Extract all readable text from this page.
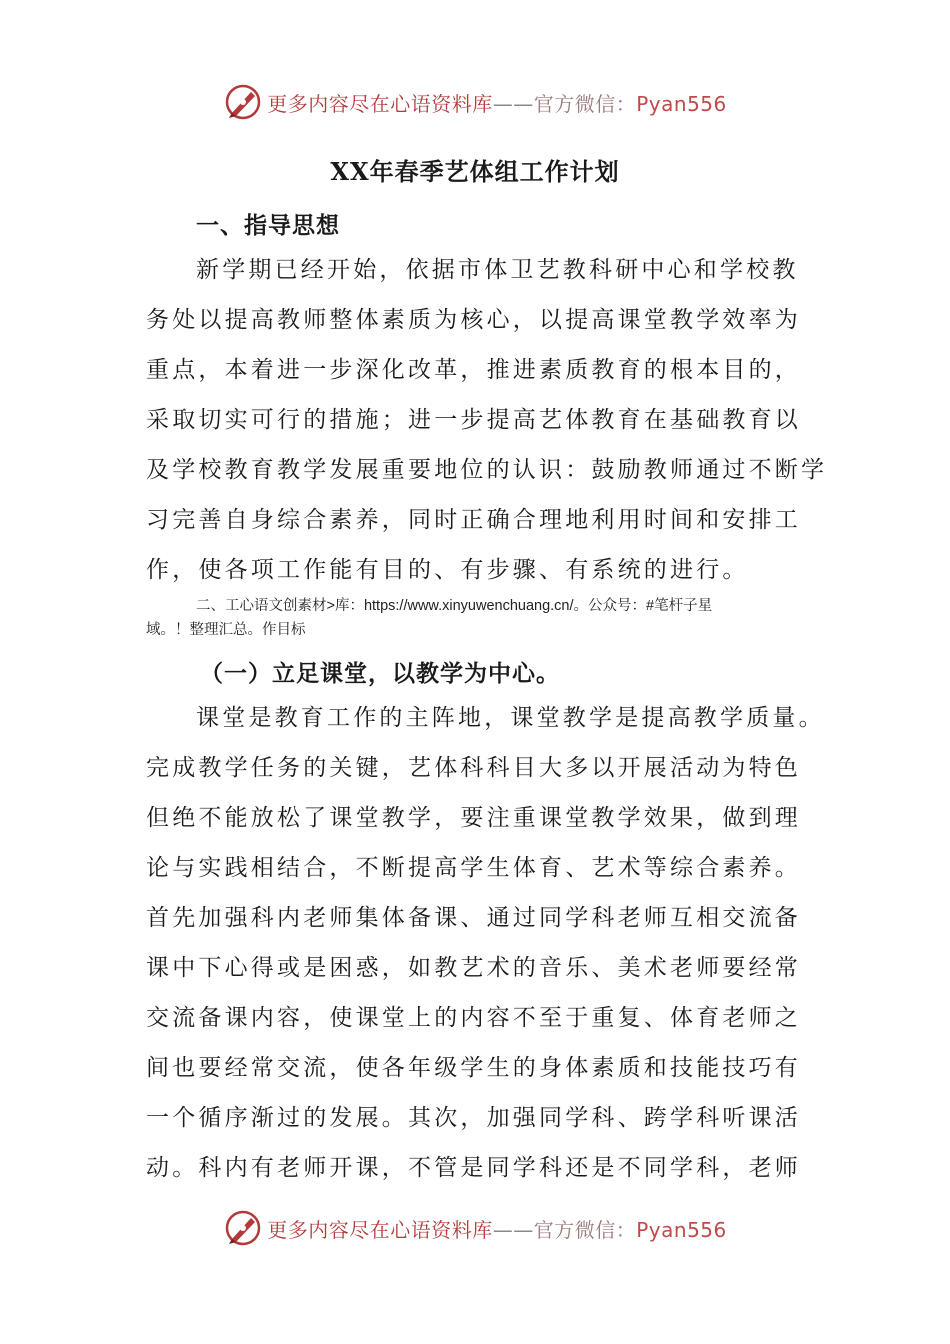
更多内容尽在心语资料库——官方微信：Pyan556
XX年春季艺体组工作计划
一、指导思想
新学期已经开始，依据市体卫艺教科研中心和学校教
务处以提高教师整体素质为核心，以提高课堂教学效率为
重点，本着进一步深化改革，推进素质教育的根本目的，
采取切实可行的措施；进一步提高艺体教育在基础教育以
及学校教育教学发展重要地位的认识：鼓励教师通过不断学
习完善自身综合素养，同时正确合理地利用时间和安排工
作，使各项工作能有目的、有步骤、有系统的进行。
二、工心语文创素材>库：https://www.xinyuwenchuang.cn/。公众号：#笔杆子星
域。！整理汇总。作目标
（一）立足课堂，以教学为中心。
课堂是教育工作的主阵地，课堂教学是提高教学质量。
完成教学任务的关键，艺体科科目大多以开展活动为特色
但绝不能放松了课堂教学，要注重课堂教学效果，做到理
论与实践相结合，不断提高学生体育、艺术等综合素养。
首先加强科内老师集体备课、通过同学科老师互相交流备
课中下心得或是困惑，如教艺术的音乐、美术老师要经常
交流备课内容，使课堂上的内容不至于重复、体育老师之
间也要经常交流，使各年级学生的身体素质和技能技巧有
一个循序渐过的发展。其次，加强同学科、跨学科听课活
动。科内有老师开课，不管是同学科还是不同学科，老师
更多内容尽在心语资料库——官方微信：Pyan556
